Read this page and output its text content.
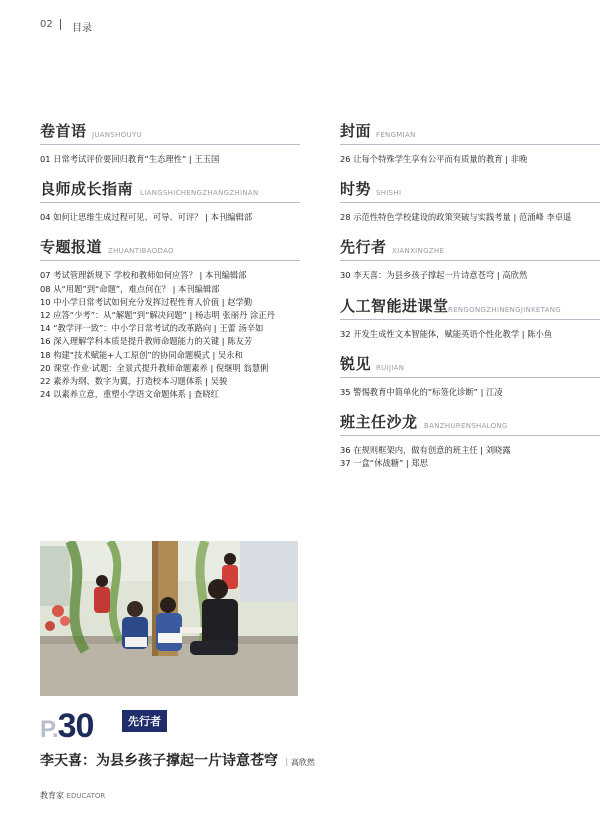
02 目录
卷首语 JUANSHOUYU
01 日常考试评价要回归教育“生态理性” | 王玉国
良师成长指南 LIANGSHICHENGZHANGZHINAN
04 如何让思维生成过程可见、可导、可评？ | 本刊编辑部
专题报道 ZHUANTIBAODAO
07 考试管理新规下 学校和教师如何应答？ | 本刊编辑部
08 从“用题”到“命题”，难点何在？ | 本刊编辑部
10 中小学日常考试如何充分发挥过程性育人价值 | 赵学勤
12 应答“少考”：从“解题”到“解决问题” | 杨志明 张丽丹 涂正丹
14 “教学评一致”：中小学日常考试的改革路向 | 王蕾 汤辛如
16 深入理解学科本质是提升教师命题能力的关键 | 陈友芳
18 构建“技术赋能+人工原创”的协同命题模式 | 吴永和
20 课堂·作业·试题：全景式提升教师命题素养 | 倪继明 翁慧俐
22 素养为纲、数字为翼，打造校本习题体系 | 吴骏
24 以素养立意，重塑小学语文命题体系 | 查晓红
封面 FENGMIAN
26 让每个特殊学生享有公平而有质量的教育 | 非晚
时势 SHISHI
28 示范性特色学校建设的政策突破与实践考量 | 范涌峰 李卓遥
先行者 XIANXINGZHE
30 李天喜：为县乡孩子撑起一片诗意苍穹 | 高欣然
人工智能进课堂 RENGONGZHINENGJINKETANG
32 开发生成性文本智能体，赋能英语个性化教学 | 陈小鱼
锐见 RUIJIAN
35 警惕教育中简单化的“标签化诊断” | 江凌
班主任沙龙 BANZHURENSHALONG
36 在规则框架内，做有创意的班主任 | 刘晓露
37 一盒“休战糖” | 郑思
P.30	先行者
李天喜：为县乡孩子撑起一片诗意苍穹 ｜高欣然
教育家 EDUCATOR
